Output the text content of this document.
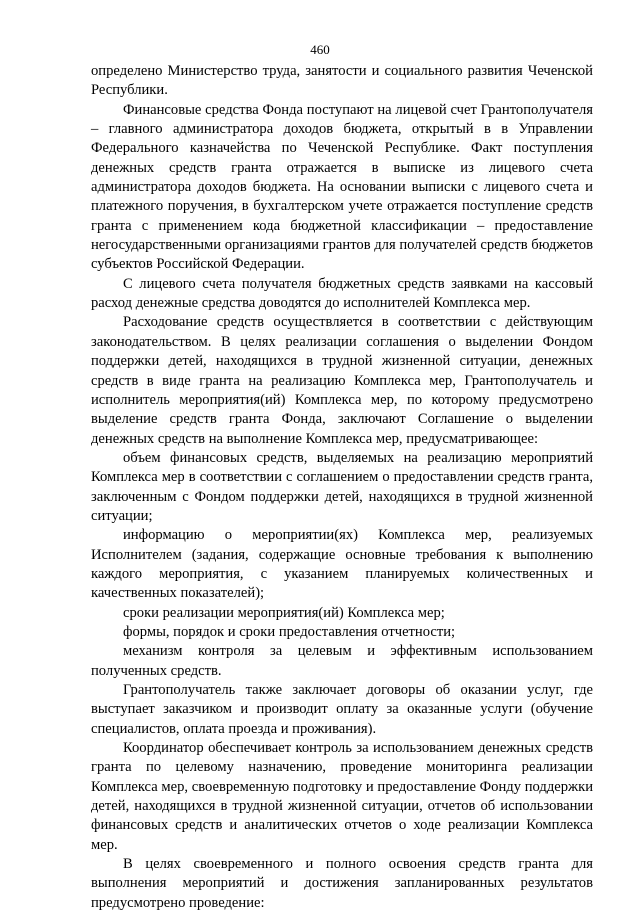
460

определено Министерство труда, занятости и социального развития Чеченской Республики.

Финансовые средства Фонда поступают на лицевой счет Грантополучателя – главного администратора доходов бюджета, открытый в в Управлении Федерального казначейства по Чеченской Республике. Факт поступления денежных средств гранта отражается в выписке из лицевого счета администратора доходов бюджета. На основании выписки с лицевого счета и платежного поручения, в бухгалтерском учете отражается поступление средств гранта с применением кода бюджетной классификации – предоставление негосударственными организациями грантов для получателей средств бюджетов субъектов Российской Федерации.

С лицевого счета получателя бюджетных средств заявками на кассовый расход денежные средства доводятся до исполнителей Комплекса мер.

Расходование средств осуществляется в соответствии с действующим законодательством. В целях реализации соглашения о выделении Фондом поддержки детей, находящихся в трудной жизненной ситуации, денежных средств в виде гранта на реализацию Комплекса мер, Грантополучатель и исполнитель мероприятия(ий) Комплекса мер, по которому предусмотрено выделение средств гранта Фонда, заключают Соглашение о выделении денежных средств на выполнение Комплекса мер, предусматривающее:

объем финансовых средств, выделяемых на реализацию мероприятий Комплекса мер в соответствии с соглашением о предоставлении средств гранта, заключенным с Фондом поддержки детей, находящихся в трудной жизненной ситуации;

информацию о мероприятии(ях) Комплекса мер, реализуемых Исполнителем (задания, содержащие основные требования к выполнению каждого мероприятия, с указанием планируемых количественных и качественных показателей);

сроки реализации мероприятия(ий) Комплекса мер;

формы, порядок и сроки предоставления отчетности;

механизм контроля за целевым и эффективным использованием полученных средств.

Грантополучатель также заключает договоры об оказании услуг, где выступает заказчиком и производит оплату за оказанные услуги (обучение специалистов, оплата проезда и проживания).

Координатор обеспечивает контроль за использованием денежных средств гранта по целевому назначению, проведение мониторинга реализации Комплекса мер, своевременную подготовку и предоставление Фонду поддержки детей, находящихся в трудной жизненной ситуации, отчетов об использовании финансовых средств и аналитических отчетов о ходе реализации Комплекса мер.

В целях своевременного и полного освоения средств гранта для выполнения мероприятий и достижения запланированных результатов предусмотрено проведение:
